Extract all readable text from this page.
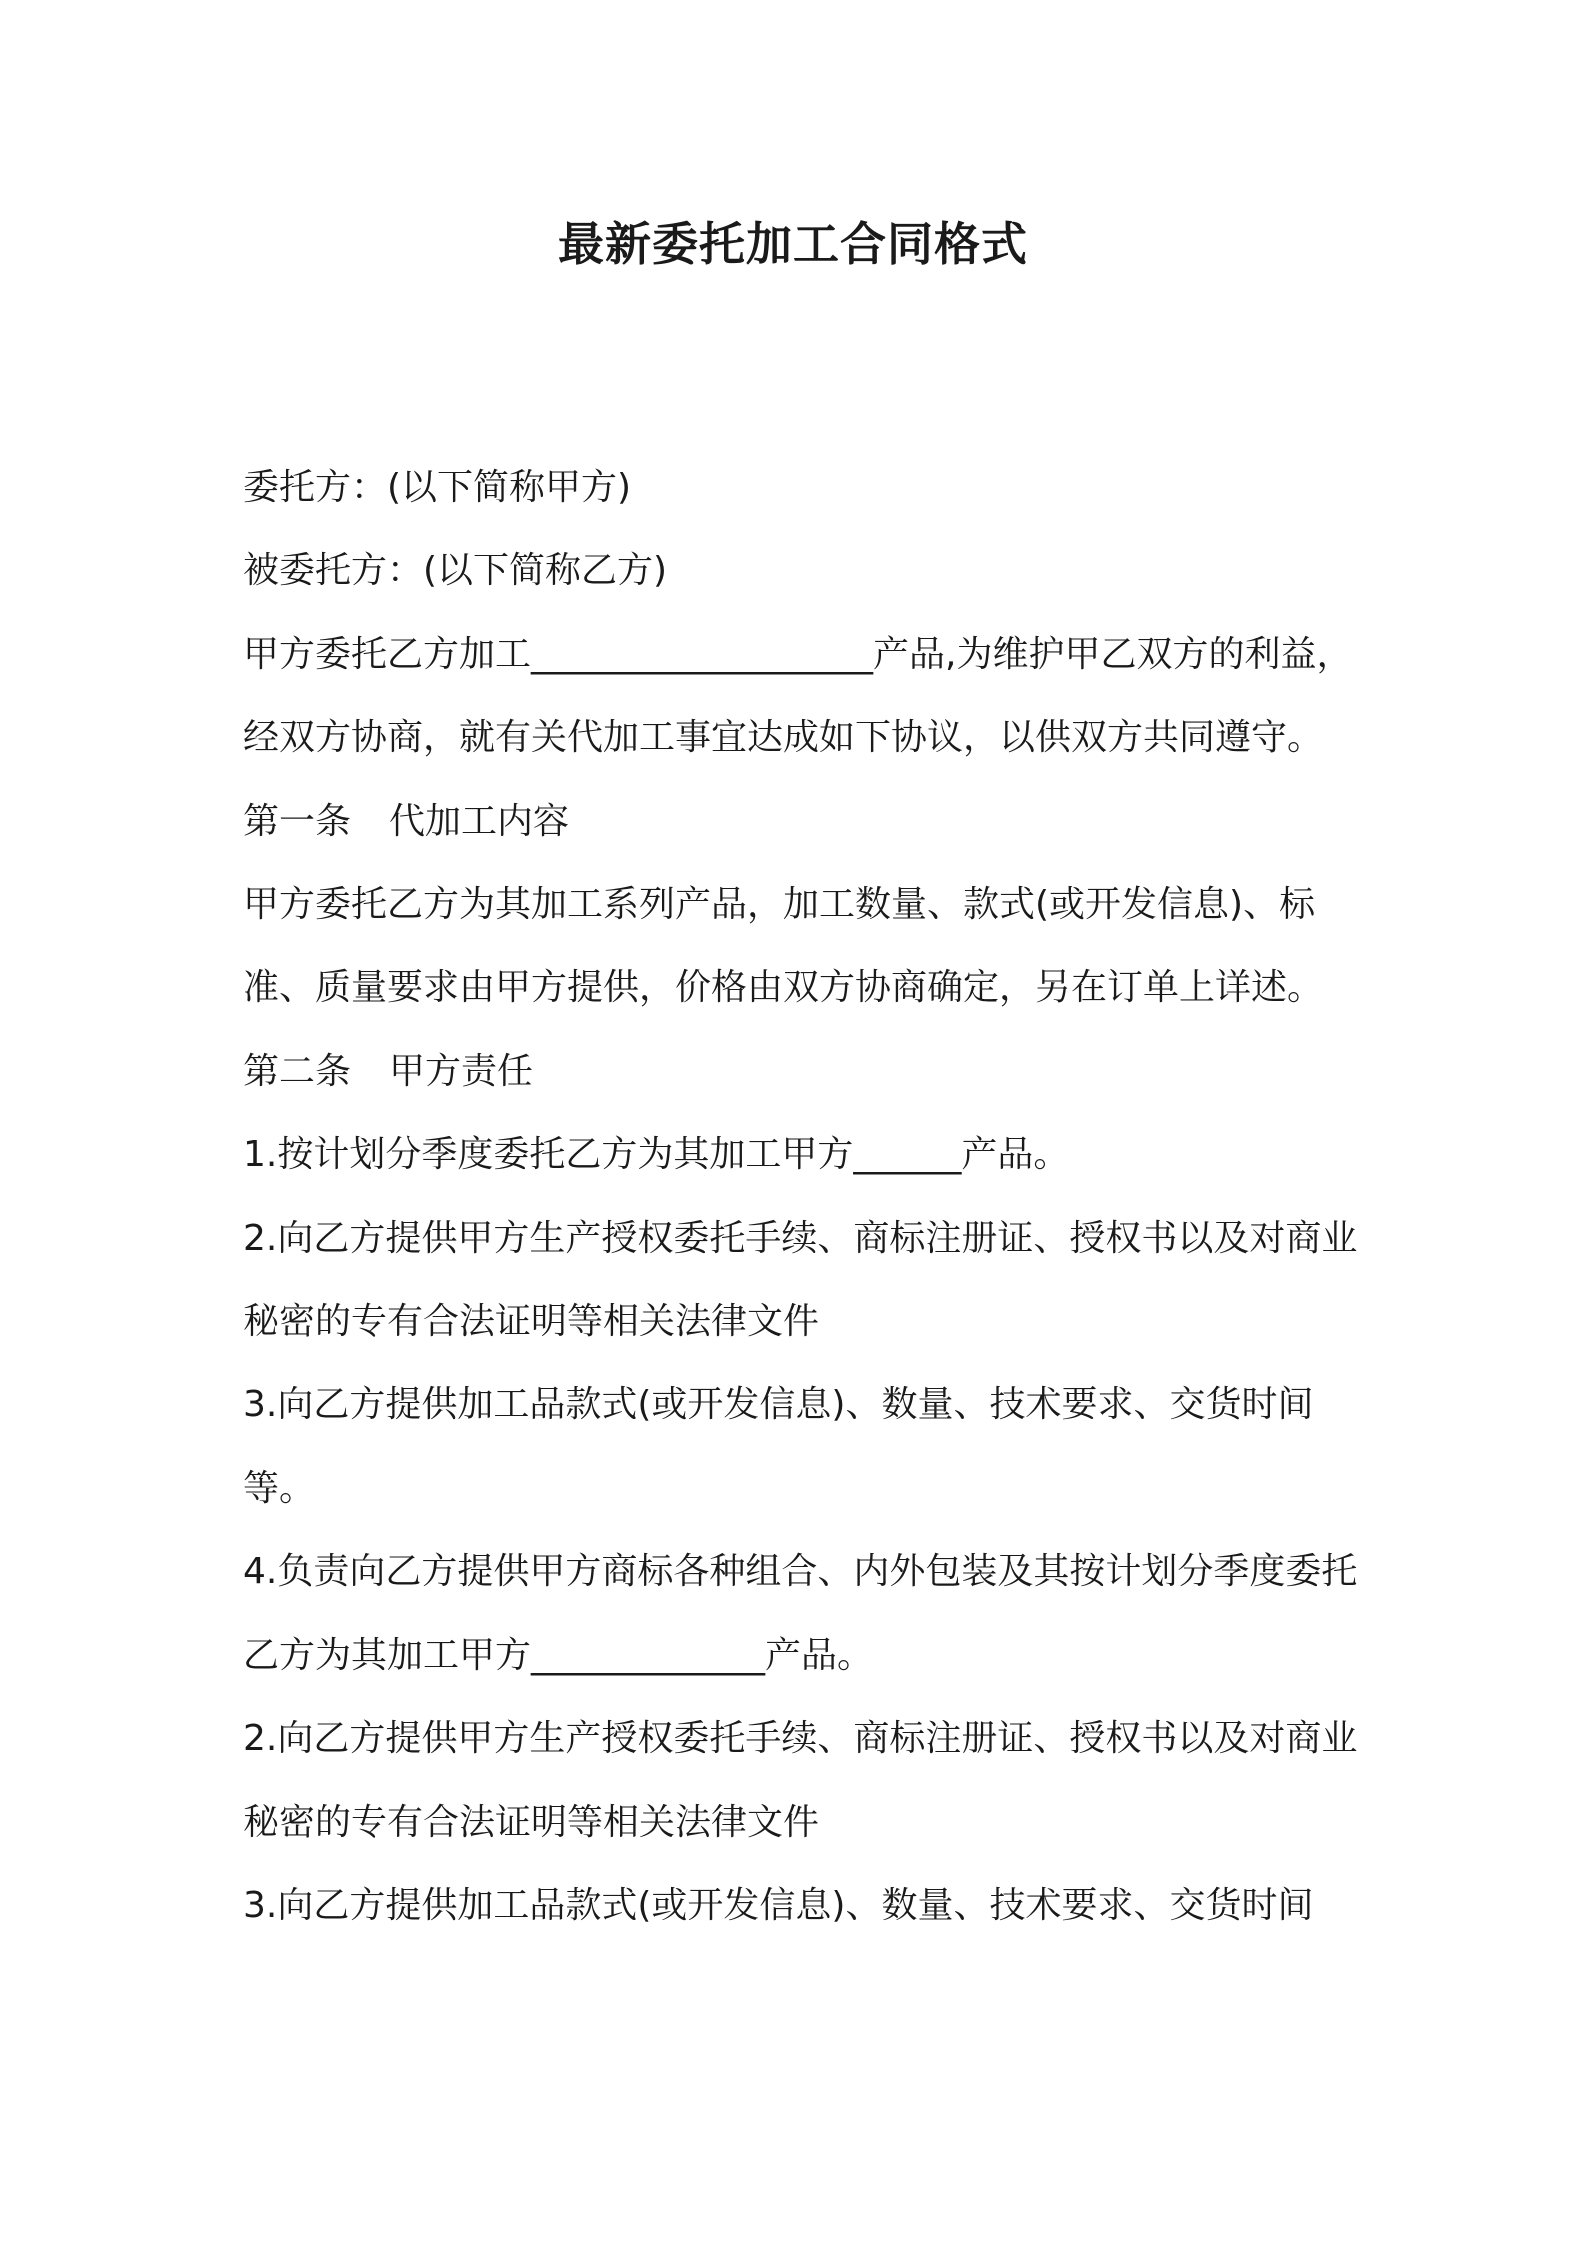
最新委托加工合同格式

委托方：(以下简称甲方)

被委托方：(以下简称乙方)

甲方委托乙方加工___________________产品,为维护甲乙双方的利益，经双方协商，就有关代加工事宜达成如下协议，以供双方共同遵守。

第一条 代加工内容

甲方委托乙方为其加工系列产品，加工数量、款式(或开发信息)、标准、质量要求由甲方提供，价格由双方协商确定，另在订单上详述。

第二条 甲方责任

1.按计划分季度委托乙方为其加工甲方______产品。

2.向乙方提供甲方生产授权委托手续、商标注册证、授权书以及对商业秘密的专有合法证明等相关法律文件

3.向乙方提供加工品款式(或开发信息)、数量、技术要求、交货时间等。

4.负责向乙方提供甲方商标各种组合、内外包装及其按计划分季度委托乙方为其加工甲方_____________产品。

2.向乙方提供甲方生产授权委托手续、商标注册证、授权书以及对商业秘密的专有合法证明等相关法律文件

3.向乙方提供加工品款式(或开发信息)、数量、技术要求、交货时间
